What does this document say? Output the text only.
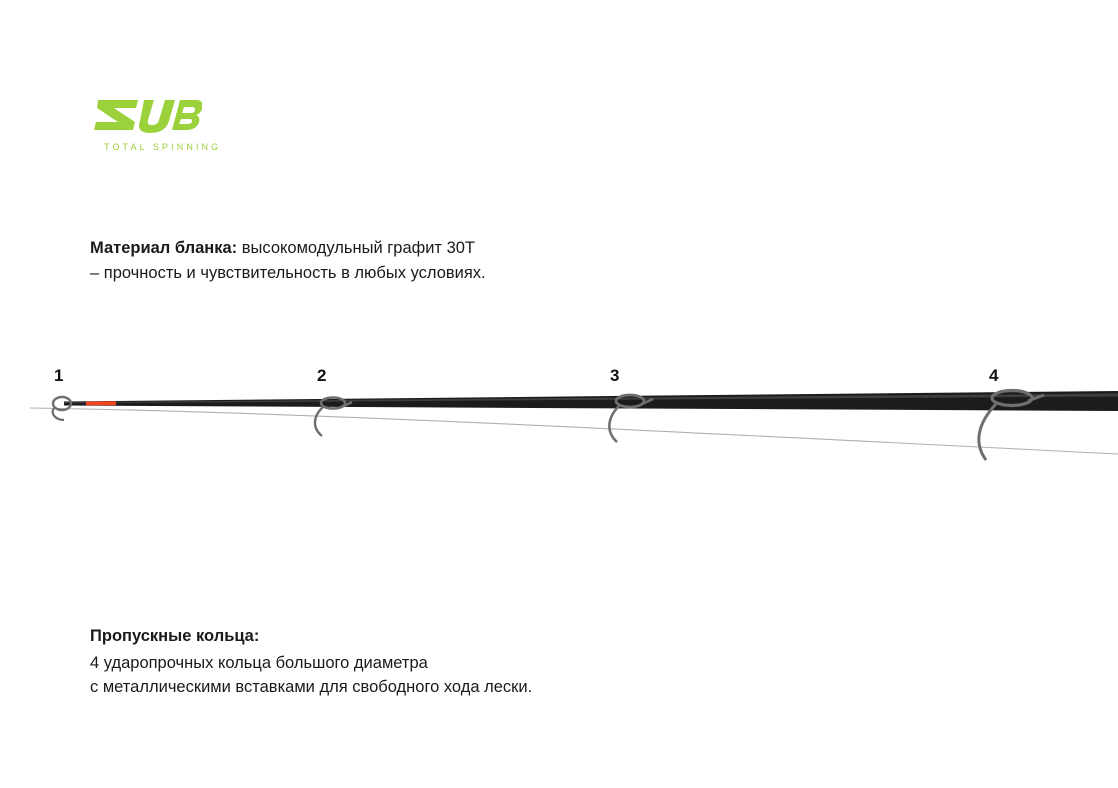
TOTAL SPINNING
Материал бланка: высокомодульный графит 30T
– прочность и чувствительность в любых условиях.
1	2	3	4
Пропускные кольца:
4 ударопрочных кольца большого диаметра
с металлическими вставками для свободного хода лески.
